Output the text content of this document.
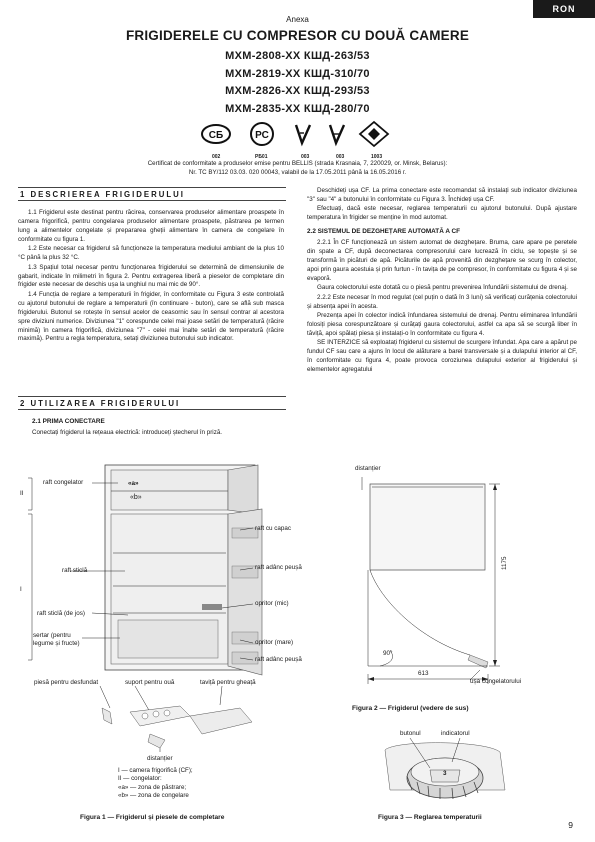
RON
Anexa
FRIGIDERELE CU COMPRESOR CU DOUĂ CAMERE
МХМ-2808-ХХ КШД-263/53
МХМ-2819-ХХ КШД-310/70
МХМ-2826-ХХ КШД-293/53
МХМ-2835-ХХ КШД-280/70
СБ	РС
002	РБ01	003	003	1003
Certificat de conformitate a produselor emise pentru BELLIS (strada Krasnaia, 7, 220029, or. Minsk, Belarus):
Nr. TC BY/112 03.03. 020 00043, valabil de la 17.05.2011 până la 16.05.2016 г.
1 DESCRIEREA FRIGIDERULUI

1.1 Frigiderul este destinat pentru răcirea, conservarea produselor alimentare proaspete în camera frigorifică, pentru congelarea produselor alimentare proaspete, păstrarea pe termen lung a alimentelor congelate și prepararea gheții alimentare în camera de congelare în conformitate cu figura 1.

1.2 Este necesar ca frigiderul să funcționeze la temperatura mediului ambiant de la plus 10 °C până la plus 32 °C.

1.3 Spațiul total necesar pentru funcționarea frigiderului se determină de dimensiunile de gabarit, indicate în milimetri în figura 2. Pentru extragerea liberă a pieselor de completare din frigider este necesar de deschis ușa la unghiul nu mai mic de 90°.

1.4 Funcția de reglare a temperaturii în frigider, în conformitate cu Figura 3 este controlată cu ajutorul butonului de reglare a temperaturii (în continuare - buton), care se află sub masca frigiderului. Butonul se rotește în sensul acelor de ceasornic sau în sensul contrar al acestora spre diviziuni numerice. Diviziunea "1" corespunde celei mai joase setări de temperatură (răcire minimă) în camera frigorifică, diviziunea "7" - celei mai înalte setări de temperatură (răcire maximă). Pentru a regla temperatura, setați diviziunea butonului sub indicator.

2 UTILIZAREA FRIGIDERULUI

2.1 PRIMA CONECTARE

Conectați frigiderul la rețeaua electrică: introduceți ștecherul în priză.

Deschideți ușa CF. La prima conectare este recomandat să instalați sub indicator diviziunea "3" sau "4" a butonului în conformitate cu Figura 3. Închideți ușa CF.

Efectuați, dacă este necesar, reglarea temperaturii cu ajutorul butonului. După ajustare temperatura în frigider se menține în mod automat.

2.2 SISTEMUL DE DEZGHEȚARE AUTOMATĂ A CF

2.2.1 În CF funcționează un sistem automat de dezghețare. Bruma, care apare pe peretele din spate a CF, după deconectarea compresorului care lucrează în ciclu, se topește și se transformă în picături de apă. Picăturile de apă provenită din dezghețare se scurg în colector, apoi prin gaura acestuia și prin furtun - în tavița de pe compresor, în conformitate cu figura 4 și se evaporă.

Gaura colectorului este dotată cu o piesă pentru prevenirea înfundării sistemului de drenaj.

2.2.2 Este necesar în mod regulat (cel puțin o dată în 3 luni) să verificați curățenia colectorului și absența apei în acesta.

Prezența apei în colector indică înfundarea sistemului de drenaj. Pentru eliminarea înfundării folosiți piesa corespunzătoare și curățați gaura colectorului, astfel ca apa să se scurgă liber în tăviță, apoi spălați piesa și instalați-o în conformitate cu figura 4.

SE INTERZICE să exploatați frigiderul cu sistemul de scurgere înfundat. Apa care a apărut pe fundul CF sau care a ajuns în locul de alăturare a barei transversale și a dulapului interior al CF, în conformitate cu figura 4, poate provoca coroziunea dulapului exterior al frigiderului și elementelor agregatului

II
I
raft congelator	«a»
«b»
raft cu capac
raft sticlă	raft adânc peușă
raft sticlă (de jos)
opritor (mic)
sertar (pentru
legume și fructe)	opritor (mare)
raft adânc peușă
piesă pentru desfundat	suport pentru ouă	taviță pentru gheață
distanțier
I — camera frigorifică (CF);
II — congelator:
«a» — zona de păstrare;
«b» — zona de congelare
Figura 1 — Frigiderul și piesele de completare
distanțier
1175
613
90°
ușa congelatorului
Figura 2 — Frigiderul (vedere de sus)
butonul	indicatorul
3
Figura 3 — Reglarea temperaturii
9
